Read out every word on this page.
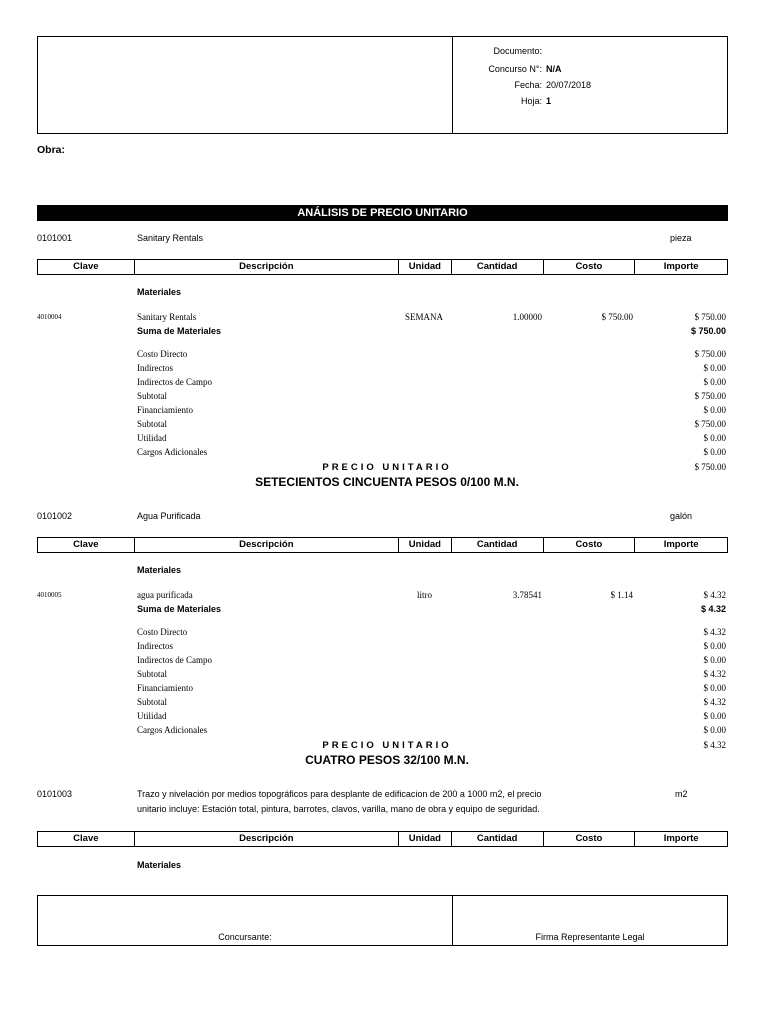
Documento:
Concurso N°: N/A
Fecha: 20/07/2018
Hoja: 1
Obra:
ANÁLISIS DE PRECIO UNITARIO
0101001	Sanitary Rentals	pieza
Clave	Descripción	Unidad	Cantidad	Costo	Importe
Materiales
4010004	Sanitary Rentals	SEMANA	1.00000	$ 750.00	$ 750.00
Suma de Materiales	$ 750.00
Costo Directo	$ 750.00
Indirectos	$ 0.00
Indirectos de Campo	$ 0.00
Subtotal	$ 750.00
Financiamiento	$ 0.00
Subtotal	$ 750.00
Utilidad	$ 0.00
Cargos Adicionales	$ 0.00
PRECIO UNITARIO	$ 750.00
SETECIENTOS CINCUENTA PESOS 0/100 M.N.
0101002	Agua Purificada	galón
Clave	Descripción	Unidad	Cantidad	Costo	Importe
Materiales
4010005	agua purificada	litro	3.78541	$ 1.14	$ 4.32
Suma de Materiales	$ 4.32
Costo Directo	$ 4.32
Indirectos	$ 0.00
Indirectos de Campo	$ 0.00
Subtotal	$ 4.32
Financiamiento	$ 0.00
Subtotal	$ 4.32
Utilidad	$ 0.00
Cargos Adicionales	$ 0.00
PRECIO UNITARIO	$ 4.32
CUATRO PESOS 32/100 M.N.
0101003	Trazo y nivelación por medios topográficos para desplante de edificacion de 200 a 1000 m2, el precio
unitario incluye: Estación total, pintura, barrotes, clavos, varilla, mano de obra y equipo de seguridad.
m2
Clave	Descripción	Unidad	Cantidad	Costo	Importe
Materiales
Concursante:	Firma Representante Legal
